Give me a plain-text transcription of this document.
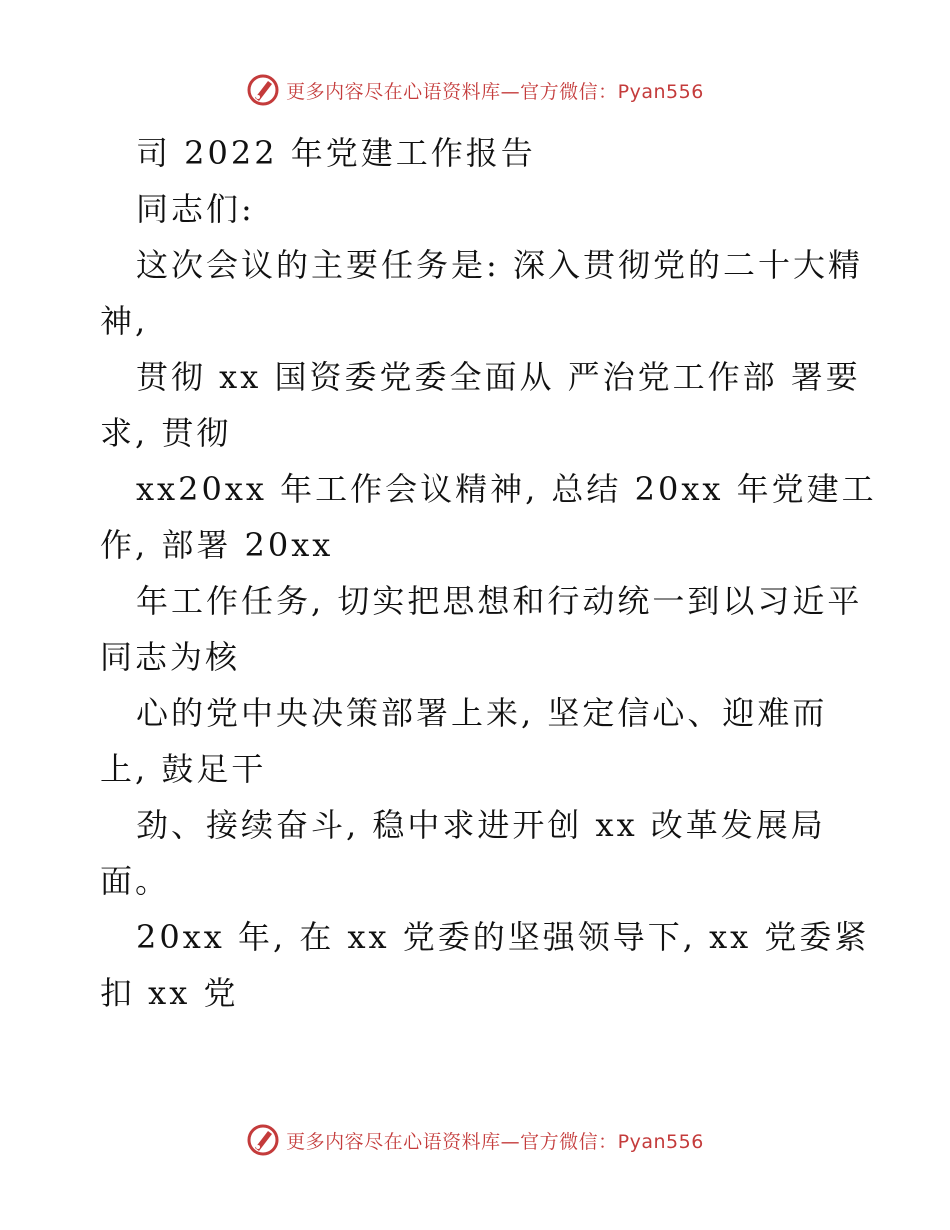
更多内容尽在心语资料库—官方微信：Pyan556
司 2022 年党建工作报告
同志们:
这次会议的主要任务是: 深入贯彻党的二十大精
神,
贯彻 xx 国资委党委全面从 严治党工作部 署要
求, 贯彻
xx20xx 年工作会议精神, 总结 20xx 年党建工
作, 部署 20xx
年工作任务, 切实把思想和行动统一到以习近平
同志为核
心的党中央决策部署上来, 坚定信心、迎难而
上, 鼓足干
劲、接续奋斗, 稳中求进开创 xx 改革发展局
面。
20xx 年, 在 xx 党委的坚强领导下, xx 党委紧
扣 xx 党
更多内容尽在心语资料库—官方微信：Pyan556
